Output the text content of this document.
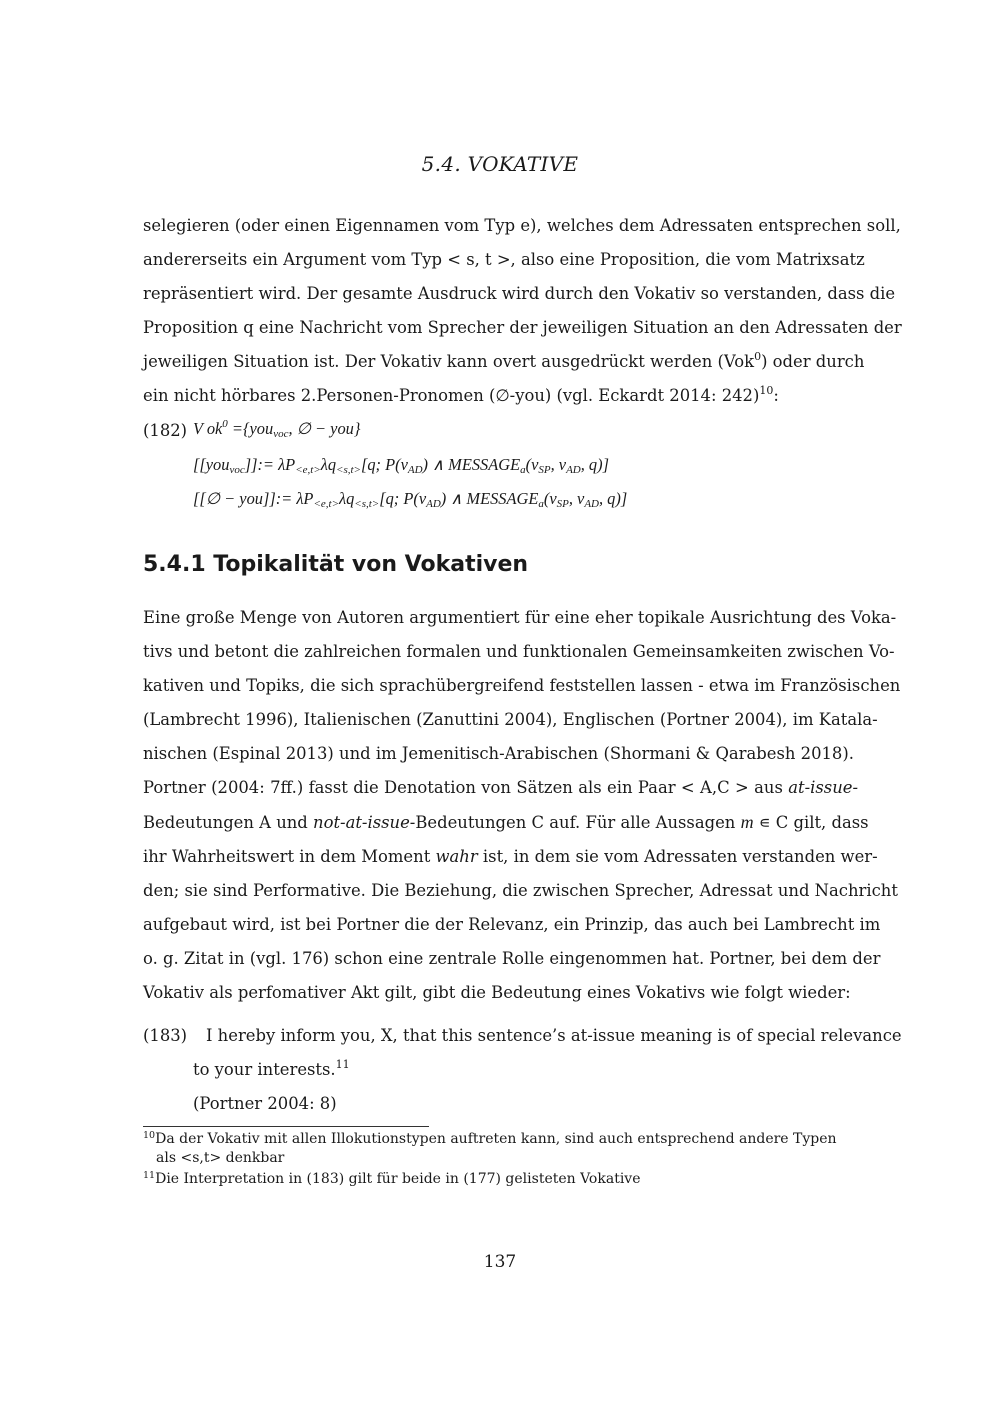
5.4. VOKATIVE
selegieren (oder einen Eigennamen vom Typ e), welches dem Adressaten entsprechen soll,
andererseits ein Argument vom Typ < s, t >, also eine Proposition, die vom Matrixsatz
repräsentiert wird. Der gesamte Ausdruck wird durch den Vokativ so verstanden, dass die
Proposition q eine Nachricht vom Sprecher der jeweiligen Situation an den Adressaten der
jeweiligen Situation ist. Der Vokativ kann overt ausgedrückt werden (Vok$^0$) oder durch
ein nicht hörbares 2.Personen-Pronomen (∅-you) (vgl. Eckardt 2014: 242)$^{10}$:
(182) V $ok^0 =\{you_{voc}$, ∅ − you}
[[you$_{voc}$]]:= $\lambda P_{<e,t>}\lambda q_{<s,t>}[q$; $P(\nu_{AD})$ ∧ $MESSAGE_a(\nu_{SP}$, $\nu_{AD}$, q)]
[[∅ − you]]:= $\lambda P_{<e,t>}\lambda q_{<s,t>}[q$; $P(\nu_{AD})$ ∧ $MESSAGE_a(\nu_{SP}$, $\nu_{AD}$, q)]
5.4.1 Topikalität von Vokativen
Eine große Menge von Autoren argumentiert für eine eher topikale Ausrichtung des Voka-
tivs und betont die zahlreichen formalen und funktionalen Gemeinsamkeiten zwischen Vo-
kativen und Topiks, die sich sprachübergreifend feststellen lassen - etwa im Französischen
(Lambrecht 1996), Italienischen (Zanuttini 2004), Englischen (Portner 2004), im Katala-
nischen (Espinal 2013) und im Jemenitisch-Arabischen (Shormani & Qarabesh 2018).
Portner (2004: 7ff.) fasst die Denotation von Sätzen als ein Paar < A,C > aus at-issue-
Bedeutungen A und not-at-issue-Bedeutungen C auf. Für alle Aussagen m ∊ C gilt, dass
ihr Wahrheitswert in dem Moment wahr ist, in dem sie vom Adressaten verstanden wer-
den; sie sind Performative. Die Beziehung, die zwischen Sprecher, Adressat und Nachricht
aufgebaut wird, ist bei Portner die der Relevanz, ein Prinzip, das auch bei Lambrecht im
o. g. Zitat in (vgl. 176) schon eine zentrale Rolle eingenommen hat. Portner, bei dem der
Vokativ als perfomativer Akt gilt, gibt die Bedeutung eines Vokativs wie folgt wieder:
(183) I hereby inform you, X, that this sentence’s at-issue meaning is of special relevance
to your interests.$^{11}$
(Portner 2004: 8)
$^{10}$Da der Vokativ mit allen Illokutionstypen auftreten kann, sind auch entsprechend andere Typen
als <s,t> denkbar
$^{11}$Die Interpretation in (183) gilt für beide in (177) gelisteten Vokative
137
